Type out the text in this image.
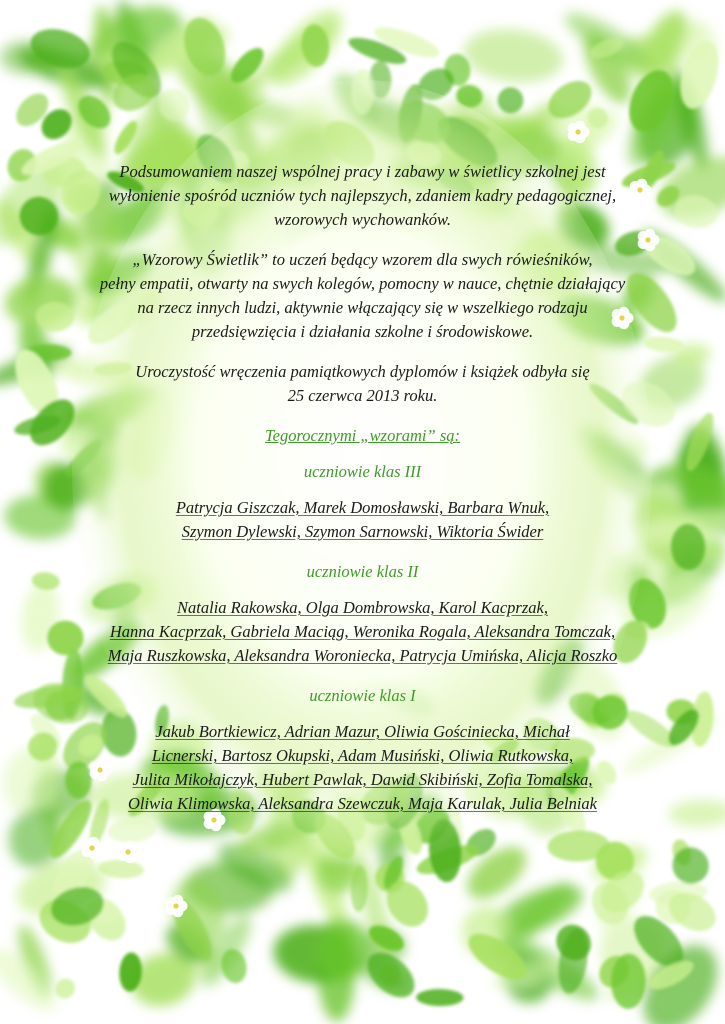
Podsumowaniem naszej wspólnej pracy i zabawy w świetlicy szkolnej jest
wyłonienie spośród uczniów tych najlepszych, zdaniem kadry pedagogicznej,
wzorowych wychowanków.
„Wzorowy Świetlik” to uczeń będący wzorem dla swych rówieśników,
pełny empatii, otwarty na swych kolegów, pomocny w nauce, chętnie działający
na rzecz innych ludzi, aktywnie włączający się w wszelkiego rodzaju
przedsięwzięcia i działania szkolne i środowiskowe.
Uroczystość wręczenia pamiątkowych dyplomów i książek odbyła się
25 czerwca 2013 roku.
Tegorocznymi „wzorami” są:
uczniowie klas III
Patrycja Giszczak, Marek Domosławski, Barbara Wnuk,
Szymon Dylewski, Szymon Sarnowski, Wiktoria Świder
uczniowie klas II
Natalia Rakowska, Olga Dombrowska, Karol Kacprzak,
Hanna Kacprzak, Gabriela Maciąg, Weronika Rogala, Aleksandra Tomczak,
Maja Ruszkowska, Aleksandra Woroniecka, Patrycja Umińska, Alicja Roszko
uczniowie klas I
Jakub Bortkiewicz, Adrian Mazur, Oliwia Gościniecka, Michał
Licnerski, Bartosz Okupski, Adam Musiński, Oliwia Rutkowska,
Julita Mikołajczyk, Hubert Pawlak, Dawid Skibiński, Zofia Tomalska,
Oliwia Klimowska, Aleksandra Szewczuk, Maja Karulak, Julia Belniak
